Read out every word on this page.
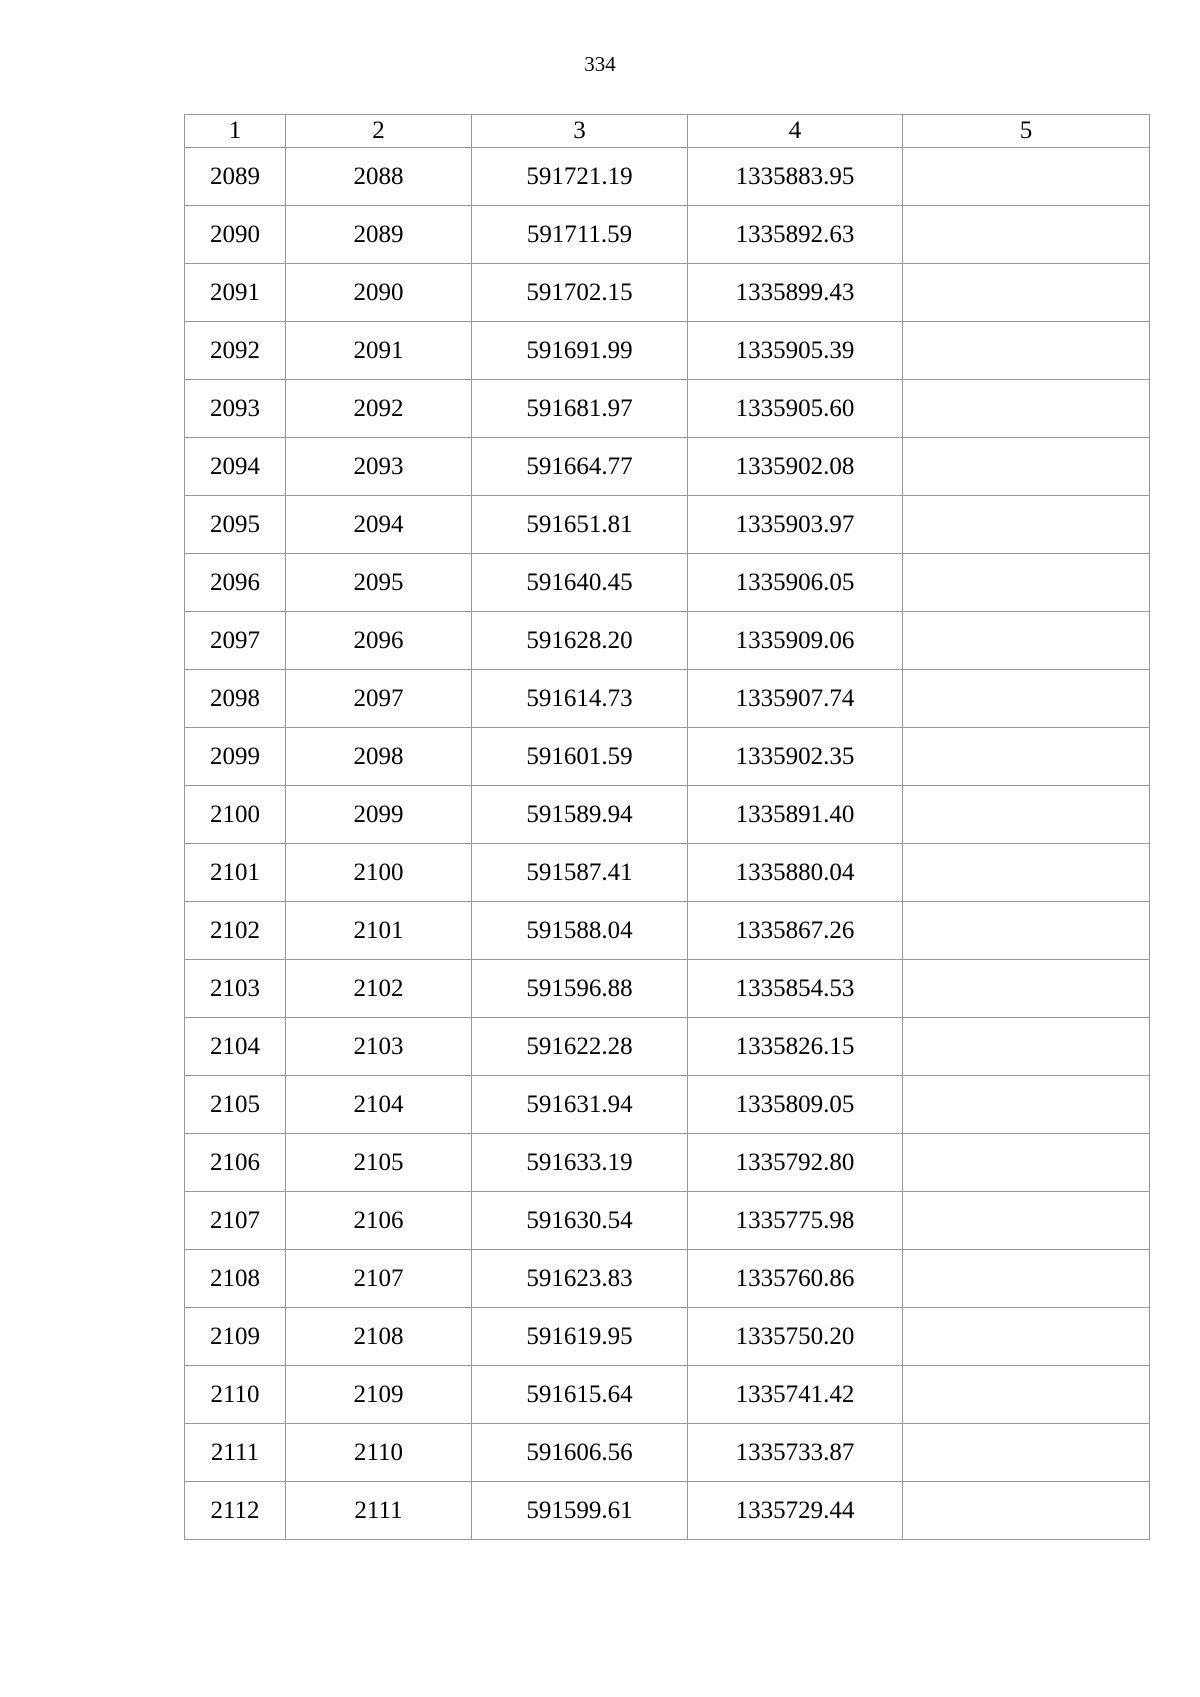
334
1	2	3	4	5
2089	2088	591721.19	1335883.95	
2090	2089	591711.59	1335892.63	
2091	2090	591702.15	1335899.43	
2092	2091	591691.99	1335905.39	
2093	2092	591681.97	1335905.60	
2094	2093	591664.77	1335902.08	
2095	2094	591651.81	1335903.97	
2096	2095	591640.45	1335906.05	
2097	2096	591628.20	1335909.06	
2098	2097	591614.73	1335907.74	
2099	2098	591601.59	1335902.35	
2100	2099	591589.94	1335891.40	
2101	2100	591587.41	1335880.04	
2102	2101	591588.04	1335867.26	
2103	2102	591596.88	1335854.53	
2104	2103	591622.28	1335826.15	
2105	2104	591631.94	1335809.05	
2106	2105	591633.19	1335792.80	
2107	2106	591630.54	1335775.98	
2108	2107	591623.83	1335760.86	
2109	2108	591619.95	1335750.20	
2110	2109	591615.64	1335741.42	
2111	2110	591606.56	1335733.87	
2112	2111	591599.61	1335729.44	
